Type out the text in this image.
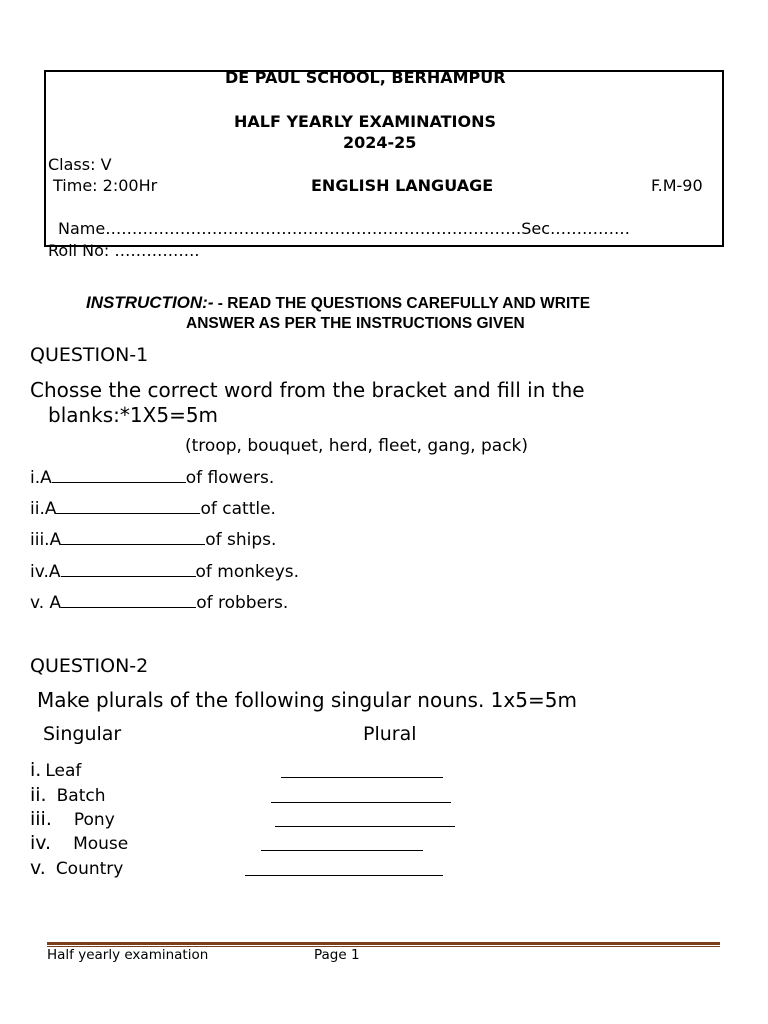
DE PAUL SCHOOL, BERHAMPUR
HALF YEARLY EXAMINATIONS
2024-25
Class: V
Time: 2:00Hr	ENGLISH LANGUAGE	F.M-90
Name……………………………………………………………………Sec……………
Roll No: …………….
INSTRUCTION:- - READ THE QUESTIONS CAREFULLY AND WRITE
ANSWER AS PER THE INSTRUCTIONS GIVEN
QUESTION-1
Chosse the correct word from the bracket and fill in the
blanks:*1X5=5m
(troop, bouquet, herd, fleet, gang, pack)
i.A	of flowers.
ii.A	of cattle.
iii.A	of ships.
iv.A	of monkeys.
v. A	of robbers.
QUESTION-2
Make plurals of the following singular nouns. 1x5=5m
Singular	Plural
i. Leaf
ii. Batch
iii. Pony
iv. Mouse
v. Country
Half yearly examination	Page 1
